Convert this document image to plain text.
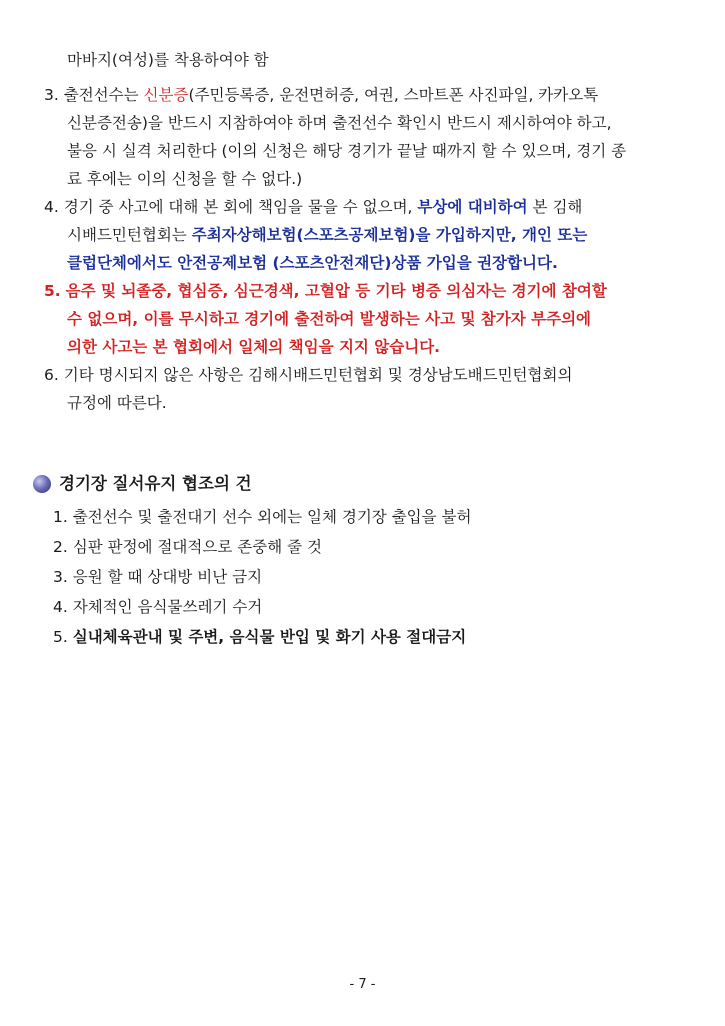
마바지(여성)를 착용하여야 함
3. 출전선수는 신분증(주민등록증, 운전면허증, 여권, 스마트폰 사진파일, 카카오톡
신분증전송)을 반드시 지참하여야 하며 출전선수 확인시 반드시 제시하여야 하고,
불응 시 실격 처리한다 (이의 신청은 해당 경기가 끝날 때까지 할 수 있으며, 경기 종
료 후에는 이의 신청을 할 수 없다.)
4. 경기 중 사고에 대해 본 회에 책임을 물을 수 없으며, 부상에 대비하여 본 김해
시배드민턴협회는 주최자상해보험(스포츠공제보험)을 가입하지만, 개인 또는
클럽단체에서도 안전공제보험 (스포츠안전재단)상품 가입을 권장합니다.
5. 음주 및 뇌졸중, 협심증, 심근경색, 고혈압 등 기타 병증 의심자는 경기에 참여할
수 없으며, 이를 무시하고 경기에 출전하여 발생하는 사고 및 참가자 부주의에
의한 사고는 본 협회에서 일체의 책임을 지지 않습니다.
6. 기타 명시되지 않은 사항은 김해시배드민턴협회 및 경상남도배드민턴협회의
규정에 따른다.
경기장 질서유지 협조의 건
1. 출전선수 및 출전대기 선수 외에는 일체 경기장 출입을 불허
2. 심판 판정에 절대적으로 존중해 줄 것
3. 응원 할 때 상대방 비난 금지
4. 자체적인 음식물쓰레기 수거
5. 실내체육관내 및 주변, 음식물 반입 및 화기 사용 절대금지
- 7 -
